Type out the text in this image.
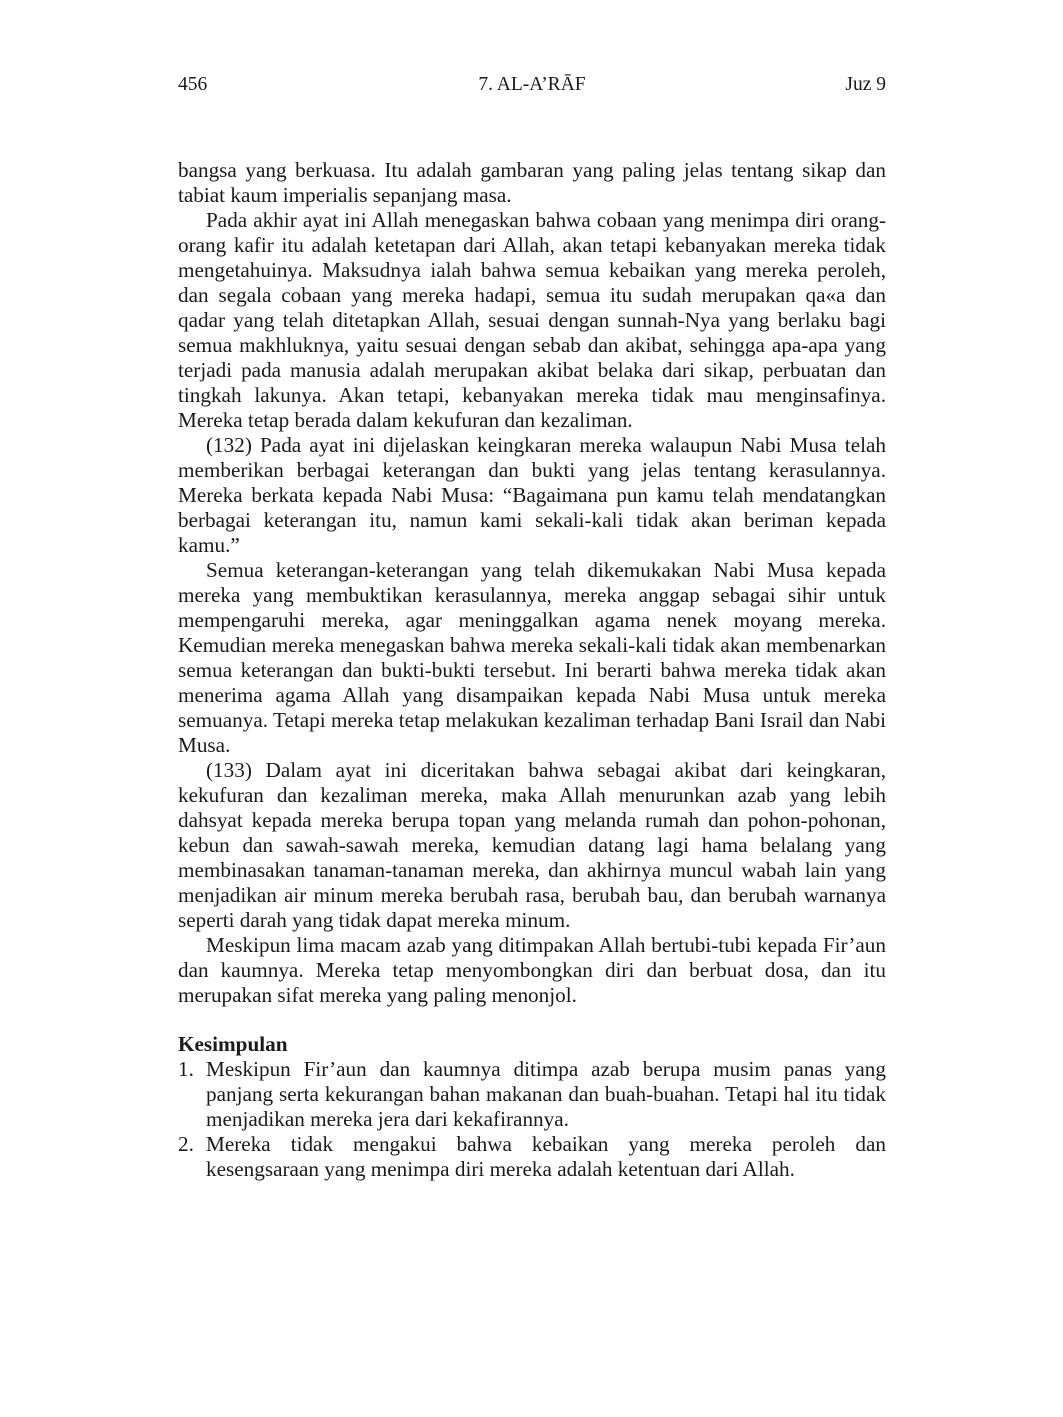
456	7. AL-A’RĀF	Juz 9

bangsa yang berkuasa. Itu adalah gambaran yang paling jelas tentang sikap dan tabiat kaum imperialis sepanjang masa.

Pada akhir ayat ini Allah menegaskan bahwa cobaan yang menimpa diri orang-orang kafir itu adalah ketetapan dari Allah, akan tetapi kebanyakan mereka tidak mengetahuinya. Maksudnya ialah bahwa semua kebaikan yang mereka peroleh, dan segala cobaan yang mereka hadapi, semua itu sudah merupakan qa«a dan qadar yang telah ditetapkan Allah, sesuai dengan sunnah-Nya yang berlaku bagi semua makhluknya, yaitu sesuai dengan sebab dan akibat, sehingga apa-apa yang terjadi pada manusia adalah merupakan akibat belaka dari sikap, perbuatan dan tingkah lakunya. Akan tetapi, kebanyakan mereka tidak mau menginsafinya. Mereka tetap berada dalam kekufuran dan kezaliman.

(132) Pada ayat ini dijelaskan keingkaran mereka walaupun Nabi Musa telah memberikan berbagai keterangan dan bukti yang jelas tentang kerasulannya. Mereka berkata kepada Nabi Musa: “Bagaimana pun kamu telah mendatangkan berbagai keterangan itu, namun kami sekali-kali tidak akan beriman kepada kamu.”

Semua keterangan-keterangan yang telah dikemukakan Nabi Musa kepada mereka yang membuktikan kerasulannya, mereka anggap sebagai sihir untuk mempengaruhi mereka, agar meninggalkan agama nenek moyang mereka. Kemudian mereka menegaskan bahwa mereka sekali-kali tidak akan membenarkan semua keterangan dan bukti-bukti tersebut. Ini berarti bahwa mereka tidak akan menerima agama Allah yang disampaikan kepada Nabi Musa untuk mereka semuanya. Tetapi mereka tetap melakukan kezaliman terhadap Bani Israil dan Nabi Musa.

(133) Dalam ayat ini diceritakan bahwa sebagai akibat dari keingkaran, kekufuran dan kezaliman mereka, maka Allah menurunkan azab yang lebih dahsyat kepada mereka berupa topan yang melanda rumah dan pohon-pohonan, kebun dan sawah-sawah mereka, kemudian datang lagi hama belalang yang membinasakan tanaman-tanaman mereka, dan akhirnya muncul wabah lain yang menjadikan air minum mereka berubah rasa, berubah bau, dan berubah warnanya seperti darah yang tidak dapat mereka minum.

Meskipun lima macam azab yang ditimpakan Allah bertubi-tubi kepada Fir’aun dan kaumnya. Mereka tetap menyombongkan diri dan berbuat dosa, dan itu merupakan sifat mereka yang paling menonjol.

Kesimpulan
1. Meskipun Fir’aun dan kaumnya ditimpa azab berupa musim panas yang panjang serta kekurangan bahan makanan dan buah-buahan. Tetapi hal itu tidak menjadikan mereka jera dari kekafirannya.
2. Mereka tidak mengakui bahwa kebaikan yang mereka peroleh dan kesengsaraan yang menimpa diri mereka adalah ketentuan dari Allah.
